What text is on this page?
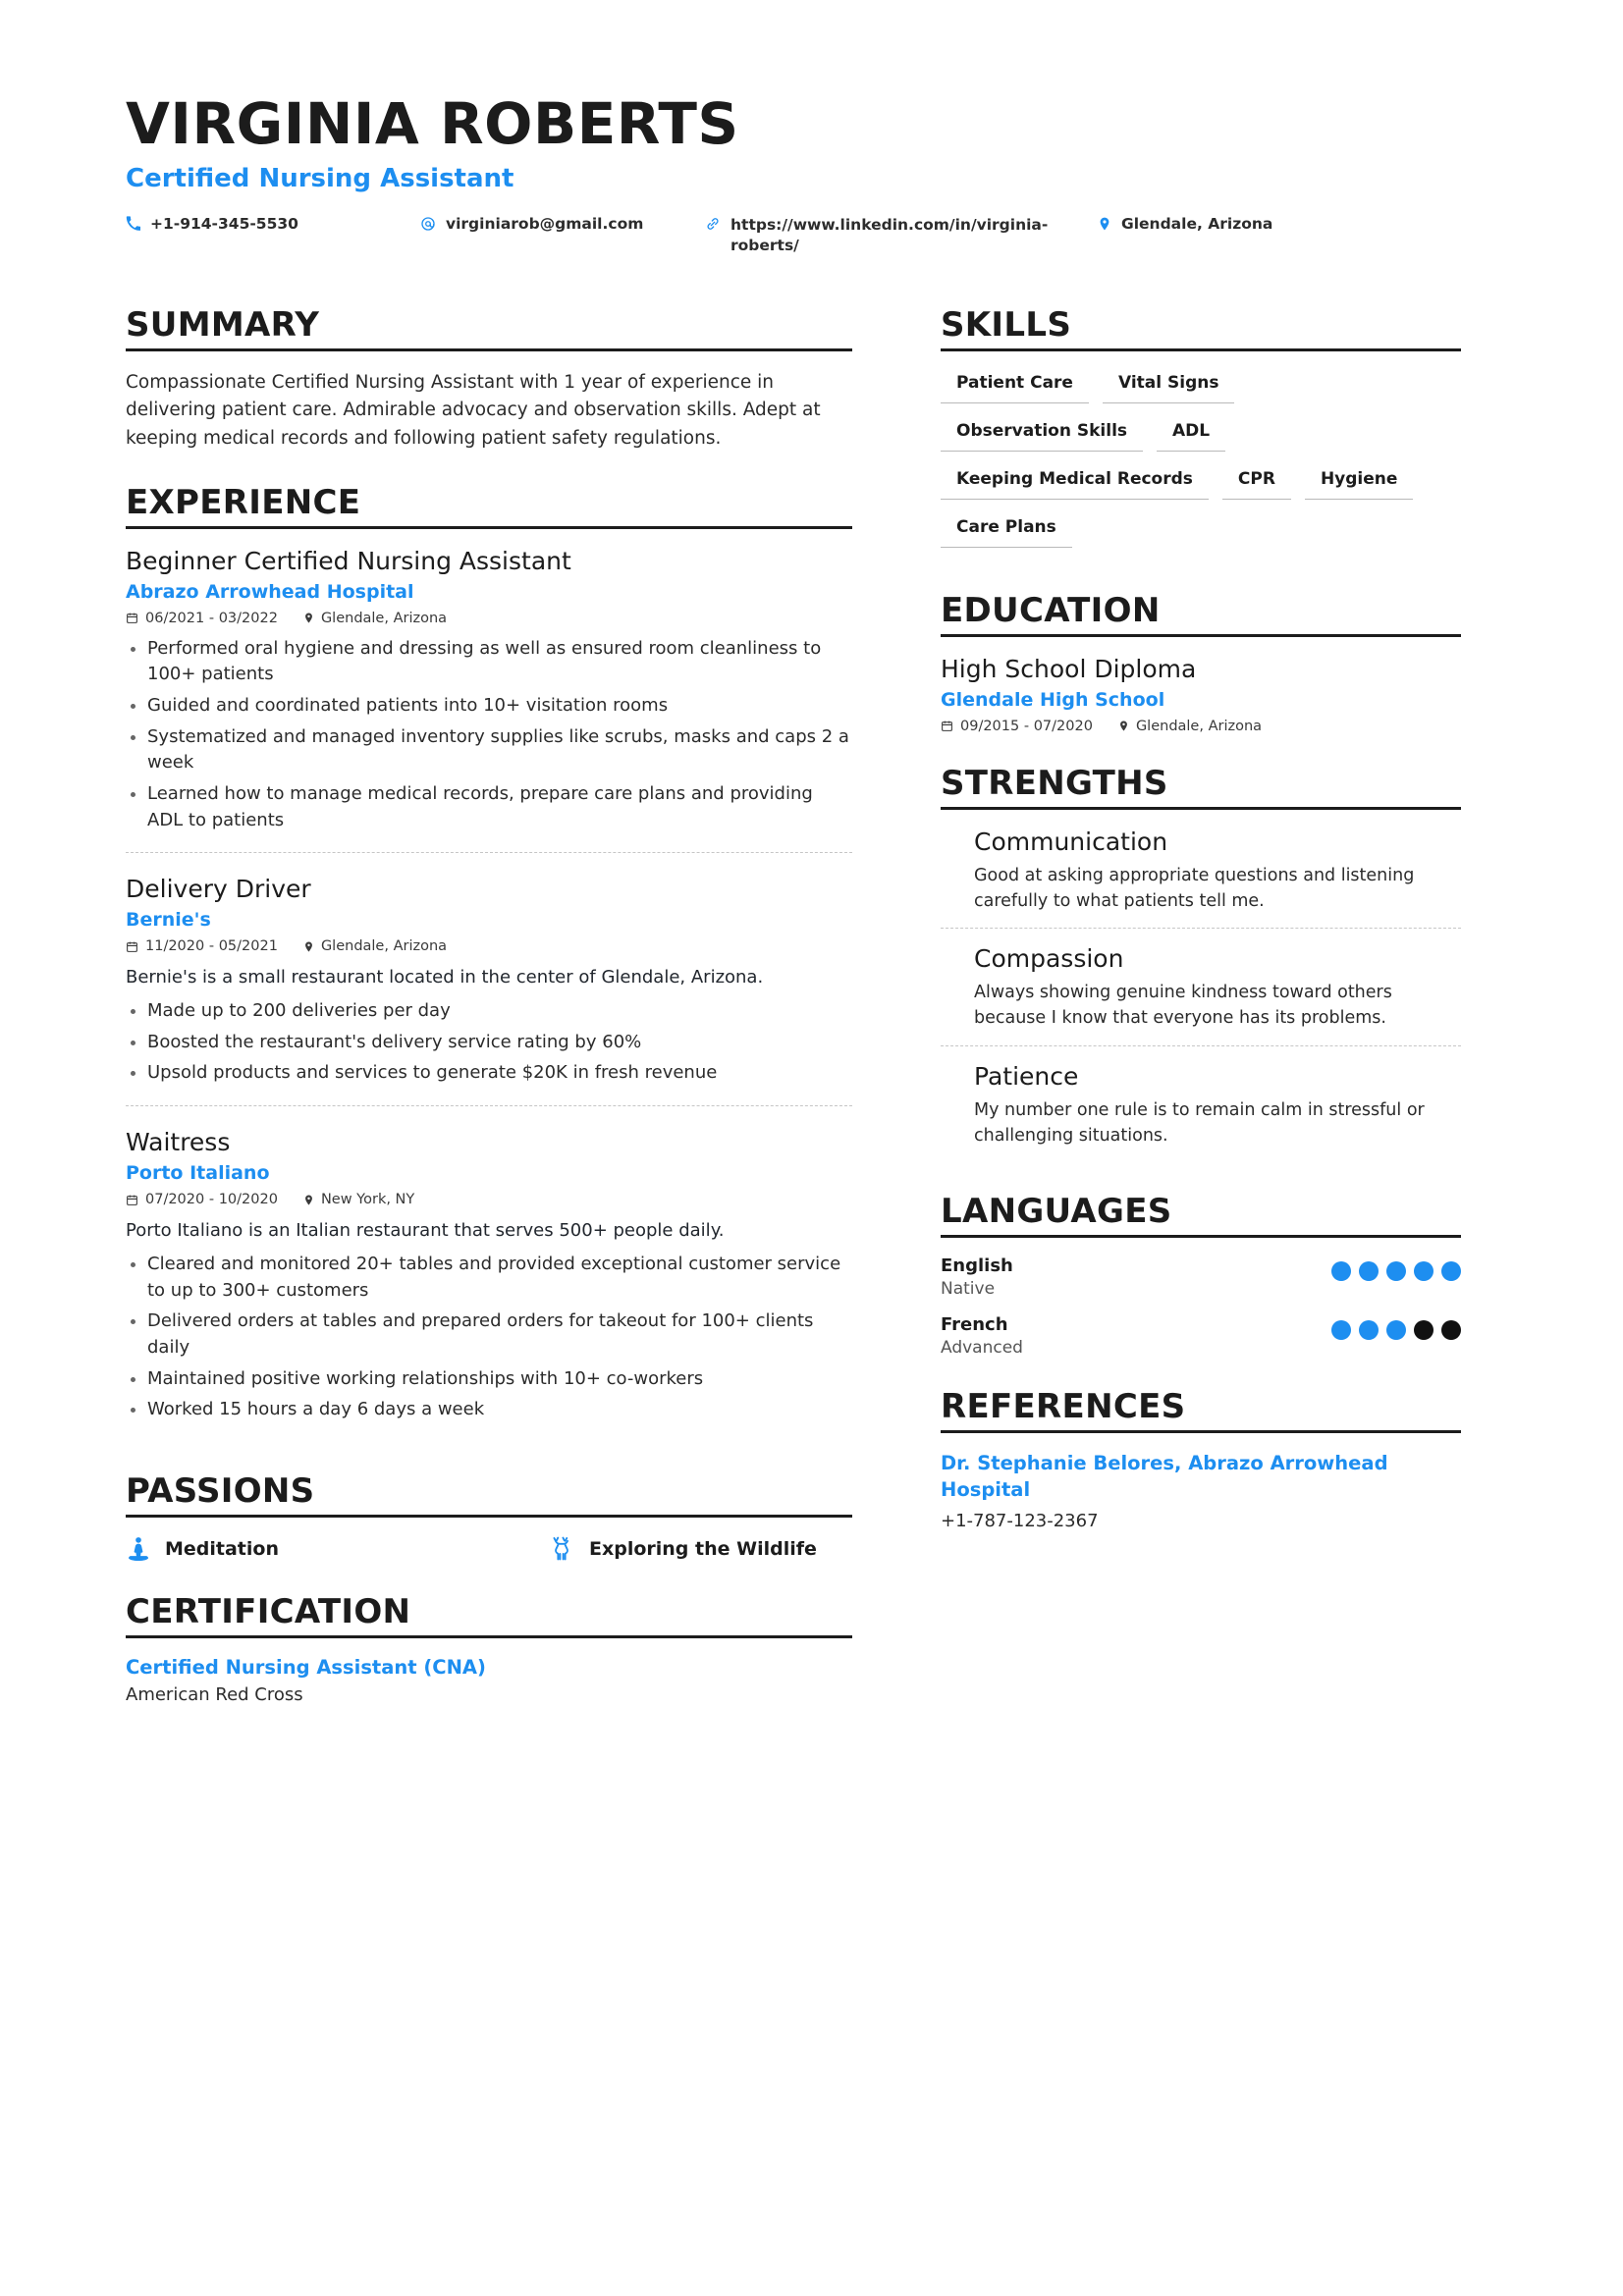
VIRGINIA ROBERTS
Certified Nursing Assistant
+1-914-345-5530	virginiarob@gmail.com	https://www.linkedin.com/in/virginia-roberts/
Glendale, Arizona
SUMMARY

Compassionate Certified Nursing Assistant with 1 year of experience in delivering patient care. Admirable advocacy and observation skills. Adept at keeping medical records and following patient safety regulations.

EXPERIENCE
Beginner Certified Nursing Assistant
Abrazo Arrowhead Hospital
06/2021 - 03/2022	Glendale, Arizona
• Performed oral hygiene and dressing as well as ensured room cleanliness to 100+ patients
• Guided and coordinated patients into 10+ visitation rooms
• Systematized and managed inventory supplies like scrubs, masks and caps 2 a week
• Learned how to manage medical records, prepare care plans and providing ADL to patients
Delivery Driver
Bernie's
11/2020 - 05/2021	Glendale, Arizona

Bernie's is a small restaurant located in the center of Glendale, Arizona.

• Made up to 200 deliveries per day
• Boosted the restaurant's delivery service rating by 60%
• Upsold products and services to generate $20K in fresh revenue
Waitress
Porto Italiano
07/2020 - 10/2020	New York, NY

Porto Italiano is an Italian restaurant that serves 500+ people daily.

• Cleared and monitored 20+ tables and provided exceptional customer service to up to 300+ customers
• Delivered orders at tables and prepared orders for takeout for 100+ clients daily
• Maintained positive working relationships with 10+ co-workers
• Worked 15 hours a day 6 days a week
PASSIONS
Meditation	Exploring the Wildlife
CERTIFICATION
Certified Nursing Assistant (CNA)
American Red Cross
SKILLS
Patient Care	Vital Signs
Observation Skills	ADL
Keeping Medical Records	CPR	Hygiene
Care Plans
EDUCATION
High School Diploma
Glendale High School
09/2015 - 07/2020	Glendale, Arizona
STRENGTHS
Communication
Good at asking appropriate questions and listening carefully to what patients tell me.
Compassion
Always showing genuine kindness toward others because I know that everyone has its problems.
Patience
My number one rule is to remain calm in stressful or challenging situations.
LANGUAGES
English
Native
French
Advanced
REFERENCES
Dr. Stephanie Belores, Abrazo Arrowhead Hospital
+1-787-123-2367
